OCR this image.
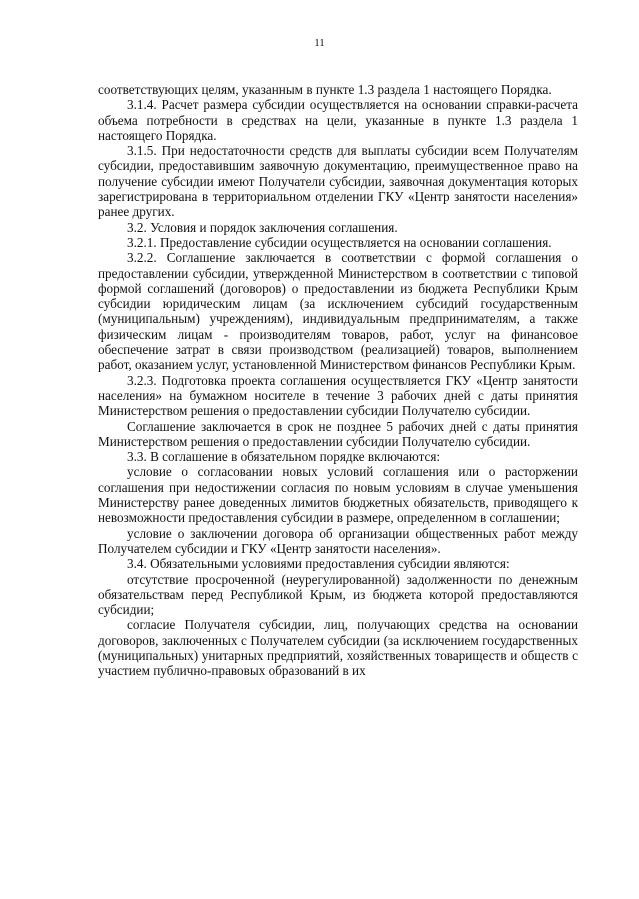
11

соответствующих целям, указанным в пункте 1.3 раздела 1 настоящего Порядка.

3.1.4. Расчет размера субсидии осуществляется на основании справки-расчета объема потребности в средствах на цели, указанные в пункте 1.3 раздела 1 настоящего Порядка.

3.1.5. При недостаточности средств для выплаты субсидии всем Получателям субсидии, предоставившим заявочную документацию, преимущественное право на получение субсидии имеют Получатели субсидии, заявочная документация которых зарегистрирована в территориальном отделении ГКУ «Центр занятости населения» ранее других.

3.2. Условия и порядок заключения соглашения.

3.2.1. Предоставление субсидии осуществляется на основании соглашения.

3.2.2. Соглашение заключается в соответствии с формой соглашения о предоставлении субсидии, утвержденной Министерством в соответствии с типовой формой соглашений (договоров) о предоставлении из бюджета Республики Крым субсидии юридическим лицам (за исключением субсидий государственным (муниципальным) учреждениям), индивидуальным предпринимателям, а также физическим лицам - производителям товаров, работ, услуг на финансовое обеспечение затрат в связи производством (реализацией) товаров, выполнением работ, оказанием услуг, установленной Министерством финансов Республики Крым.

3.2.3. Подготовка проекта соглашения осуществляется ГКУ «Центр занятости населения» на бумажном носителе в течение 3 рабочих дней с даты принятия Министерством решения о предоставлении субсидии Получателю субсидии.

Соглашение заключается в срок не позднее 5 рабочих дней с даты принятия Министерством решения о предоставлении субсидии Получателю субсидии.

3.3. В соглашение в обязательном порядке включаются:

условие о согласовании новых условий соглашения или о расторжении соглашения при недостижении согласия по новым условиям в случае уменьшения Министерству ранее доведенных лимитов бюджетных обязательств, приводящего к невозможности предоставления субсидии в размере, определенном в соглашении;

условие о заключении договора об организации общественных работ между Получателем субсидии и ГКУ «Центр занятости населения».

3.4. Обязательными условиями предоставления субсидии являются:

отсутствие просроченной (неурегулированной) задолженности по денежным обязательствам перед Республикой Крым, из бюджета которой предоставляются субсидии;

согласие Получателя субсидии, лиц, получающих средства на основании договоров, заключенных с Получателем субсидии (за исключением государственных (муниципальных) унитарных предприятий, хозяйственных товариществ и обществ с участием публично-правовых образований в их
